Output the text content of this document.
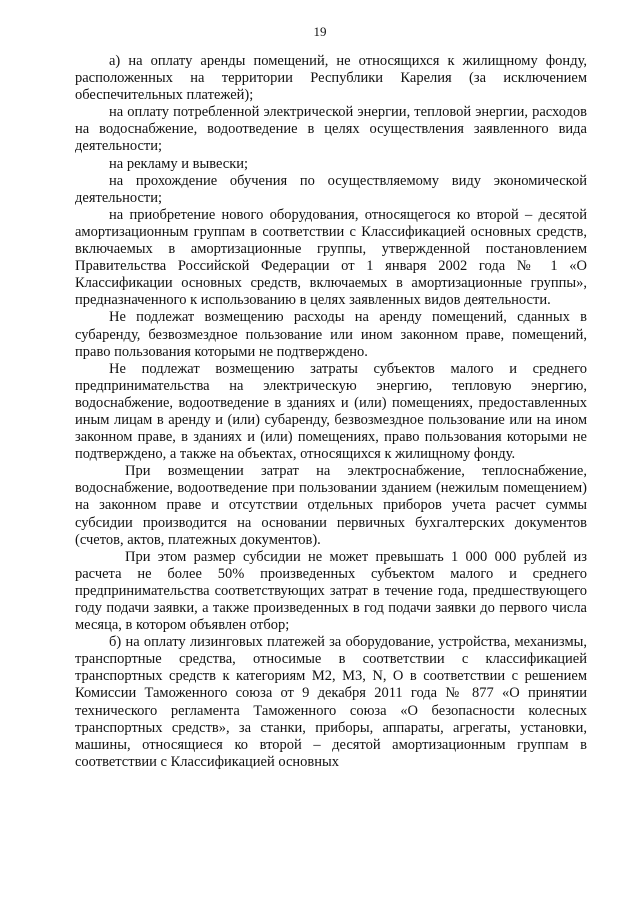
19

а) на оплату аренды помещений, не относящихся к жилищному фонду, расположенных на территории Республики Карелия (за исключением обеспечительных платежей);

на оплату потребленной электрической энергии, тепловой энергии, расходов на водоснабжение, водоотведение в целях осуществления заявленного вида деятельности;

на рекламу и вывески;

на прохождение обучения по осуществляемому виду экономической деятельности;

на приобретение нового оборудования, относящегося ко второй – десятой амортизационным группам в соответствии с Классификацией основных средств, включаемых в амортизационные группы, утвержденной постановлением Правительства Российской Федерации от 1 января 2002 года № 1 «О Классификации основных средств, включаемых в амортизационные группы», предназначенного к использованию в целях заявленных видов деятельности.

Не подлежат возмещению расходы на аренду помещений, сданных в субаренду, безвозмездное пользование или ином законном праве, помещений, право пользования которыми не подтверждено.

Не подлежат возмещению затраты субъектов малого и среднего предпринимательства на электрическую энергию, тепловую энергию, водоснабжение, водоотведение в зданиях и (или) помещениях, предоставленных иным лицам в аренду и (или) субаренду, безвозмездное пользование или на ином законном праве, в зданиях и (или) помещениях, право пользования которыми не подтверждено, а также на объектах, относящихся к жилищному фонду.

При возмещении затрат на электроснабжение, теплоснабжение, водоснабжение, водоотведение при пользовании зданием (нежилым помещением) на законном праве и отсутствии отдельных приборов учета расчет суммы субсидии производится на основании первичных бухгалтерских документов (счетов, актов, платежных документов).

При этом размер субсидии не может превышать 1 000 000 рублей из расчета не более 50% произведенных субъектом малого и среднего предпринимательства соответствующих затрат в течение года, предшествующего году подачи заявки, а также произведенных в год подачи заявки до первого числа месяца, в котором объявлен отбор;

б) на оплату лизинговых платежей за оборудование, устройства, механизмы, транспортные средства, относимые в соответствии с классификацией транспортных средств к категориям M2, M3, N, O в соответствии с решением Комиссии Таможенного союза от 9 декабря 2011 года № 877 «О принятии технического регламента Таможенного союза «О безопасности колесных транспортных средств», за станки, приборы, аппараты, агрегаты, установки, машины, относящиеся ко второй – десятой амортизационным группам в соответствии с Классификацией основных
